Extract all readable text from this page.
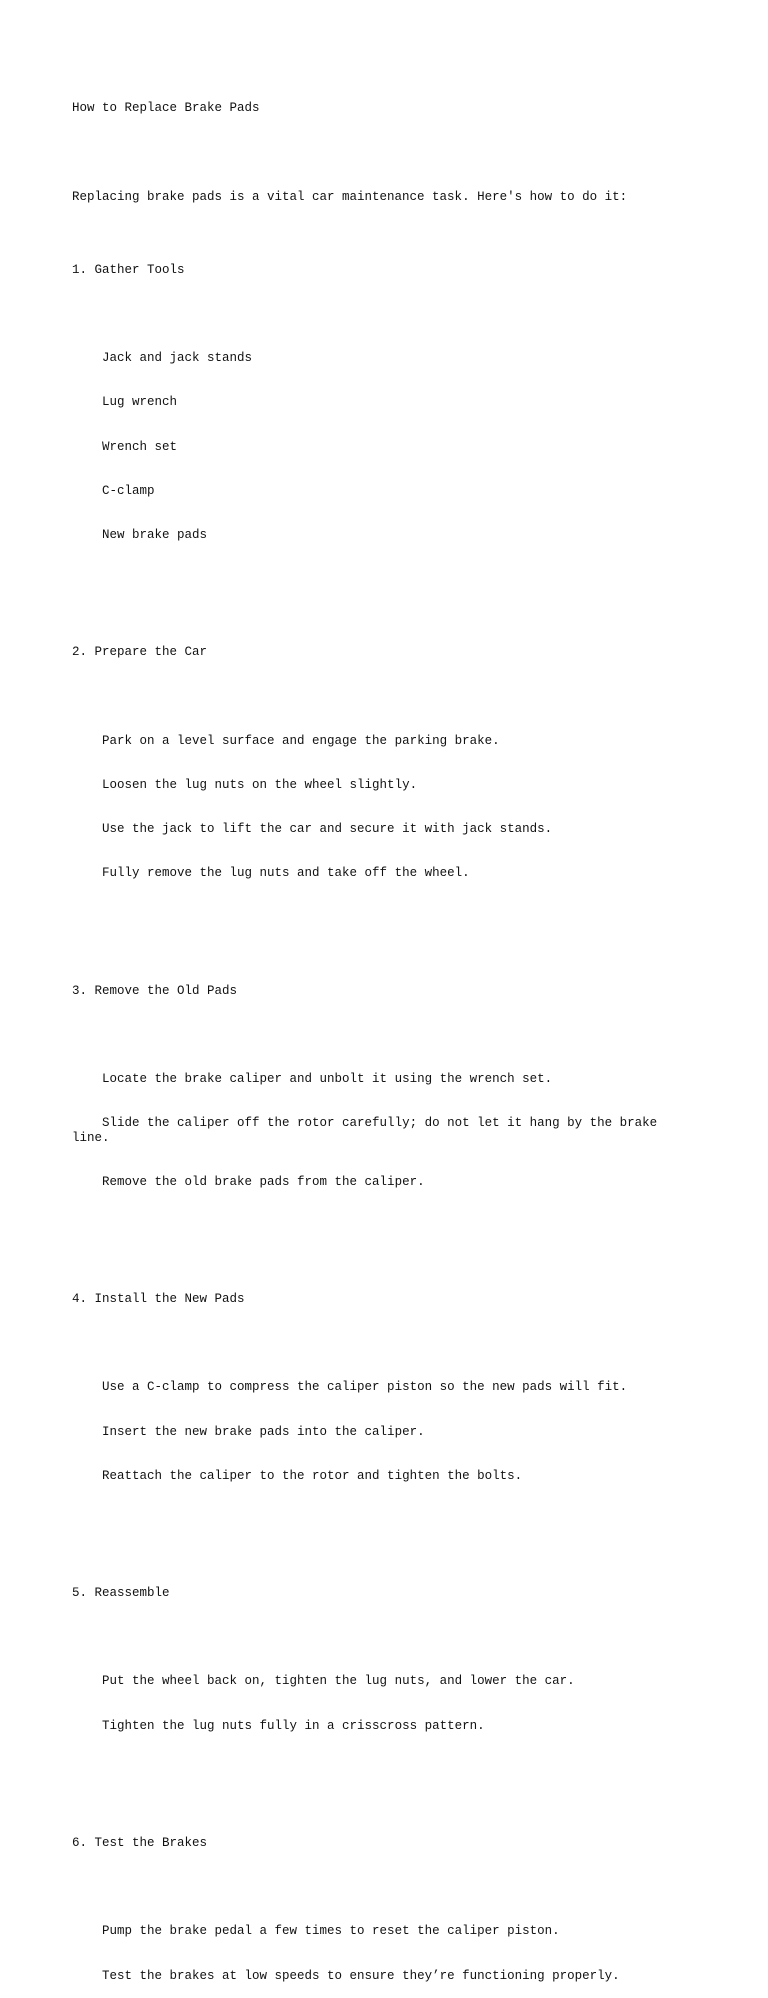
How to Replace Brake Pads

Replacing brake pads is a vital car maintenance task. Here's how to do it:

1. Gather Tools

Jack and jack stands

Lug wrench

Wrench set

C-clamp

New brake pads

2. Prepare the Car

Park on a level surface and engage the parking brake.

Loosen the lug nuts on the wheel slightly.

Use the jack to lift the car and secure it with jack stands.

Fully remove the lug nuts and take off the wheel.

3. Remove the Old Pads

Locate the brake caliper and unbolt it using the wrench set.

Slide the caliper off the rotor carefully; do not let it hang by the brake line.

Remove the old brake pads from the caliper.

4. Install the New Pads

Use a C-clamp to compress the caliper piston so the new pads will fit.

Insert the new brake pads into the caliper.

Reattach the caliper to the rotor and tighten the bolts.

5. Reassemble

Put the wheel back on, tighten the lug nuts, and lower the car.

Tighten the lug nuts fully in a crisscross pattern.

6. Test the Brakes

Pump the brake pedal a few times to reset the caliper piston.

Test the brakes at low speeds to ensure they’re functioning properly.
